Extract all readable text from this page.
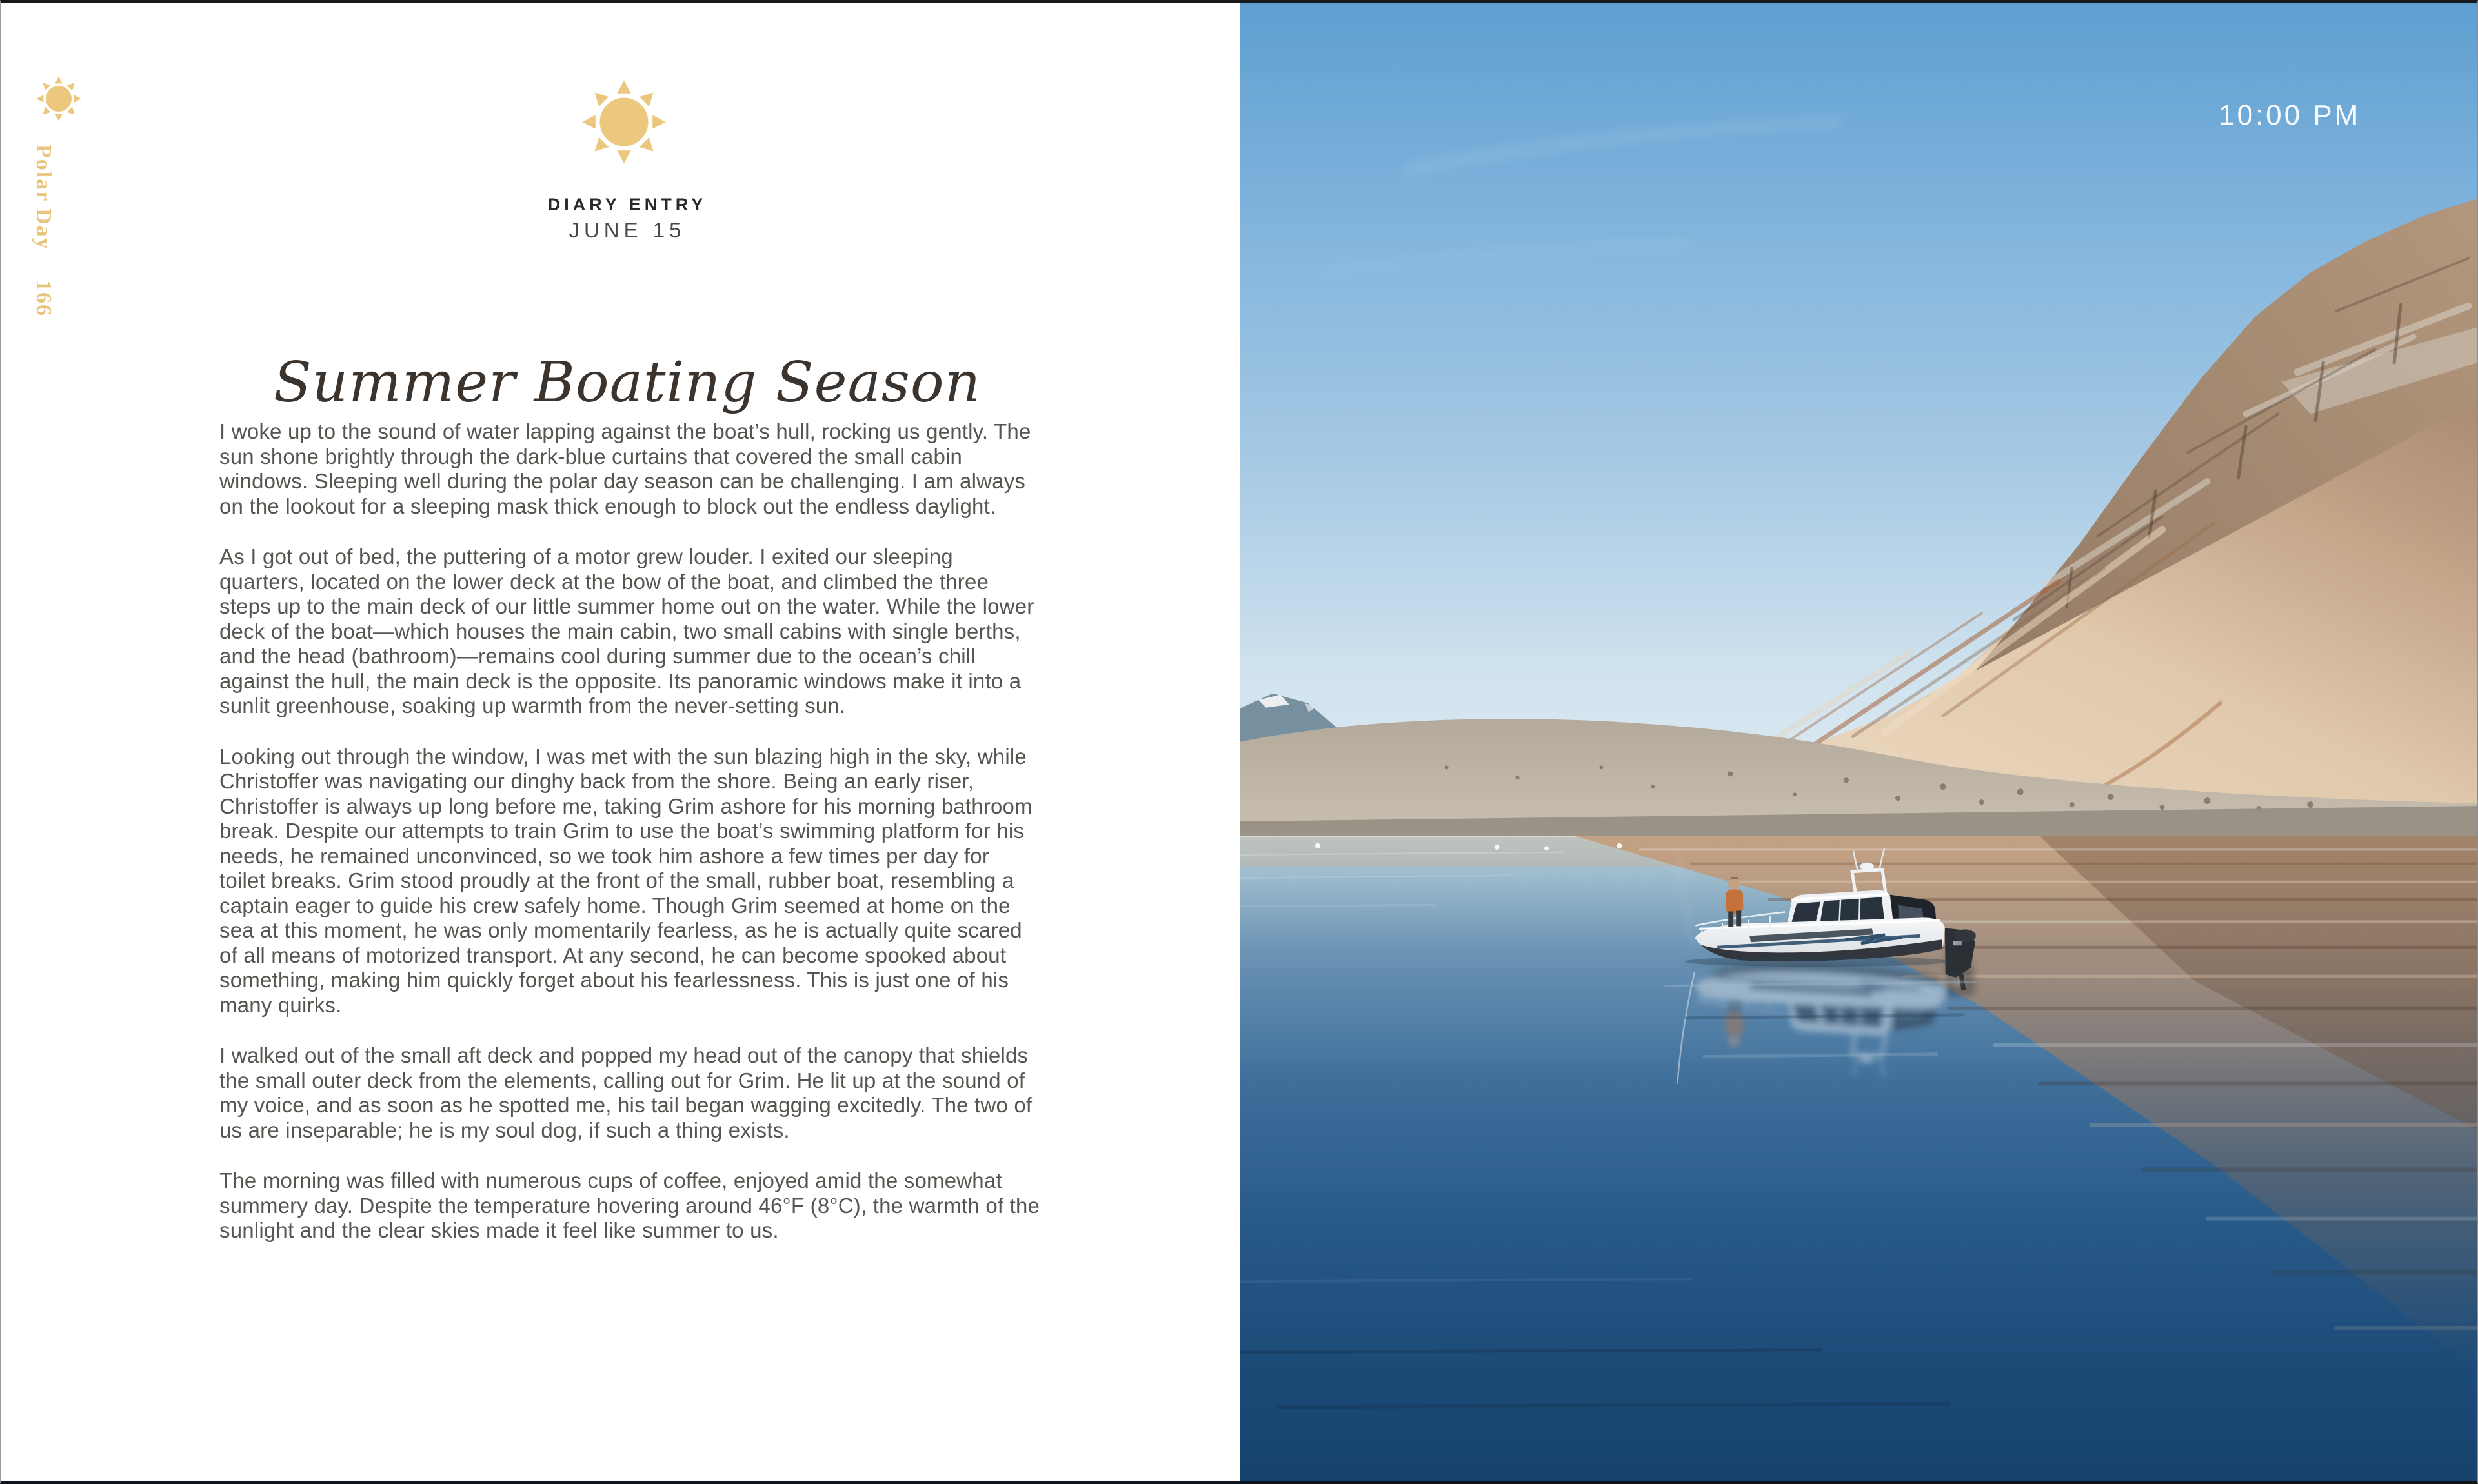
Polar Day 166
DIARY ENTRY
JUNE 15
Summer Boating Season

I woke up to the sound of water lapping against the boat’s hull, rocking us gently. The sun shone brightly through the dark-blue curtains that covered the small cabin windows. Sleeping well during the polar day season can be challenging. I am always on the lookout for a sleeping mask thick enough to block out the endless daylight.

As I got out of bed, the puttering of a motor grew louder. I exited our sleeping quarters, located on the lower deck at the bow of the boat, and climbed the three steps up to the main deck of our little summer home out on the water. While the lower deck of the boat—which houses the main cabin, two small cabins with single berths, and the head (bathroom)—remains cool during summer due to the ocean’s chill against the hull, the main deck is the opposite. Its panoramic windows make it into a sunlit greenhouse, soaking up warmth from the never-setting sun.

Looking out through the window, I was met with the sun blazing high in the sky, while Christoffer was navigating our dinghy back from the shore. Being an early riser, Christoffer is always up long before me, taking Grim ashore for his morning bathroom break. Despite our attempts to train Grim to use the boat’s swimming platform for his needs, he remained unconvinced, so we took him ashore a few times per day for toilet breaks. Grim stood proudly at the front of the small, rubber boat, resembling a captain eager to guide his crew safely home. Though Grim seemed at home on the sea at this moment, he was only momentarily fearless, as he is actually quite scared of all means of motorized transport. At any second, he can become spooked about something, making him quickly forget about his fearlessness. This is just one of his many quirks.

I walked out of the small aft deck and popped my head out of the canopy that shields the small outer deck from the elements, calling out for Grim. He lit up at the sound of my voice, and as soon as he spotted me, his tail began wagging excitedly. The two of us are inseparable; he is my soul dog, if such a thing exists.

The morning was filled with numerous cups of coffee, enjoyed amid the somewhat summery day. Despite the temperature hovering around 46°F (8°C), the warmth of the sunlight and the clear skies made it feel like summer to us.

10:00 PM
